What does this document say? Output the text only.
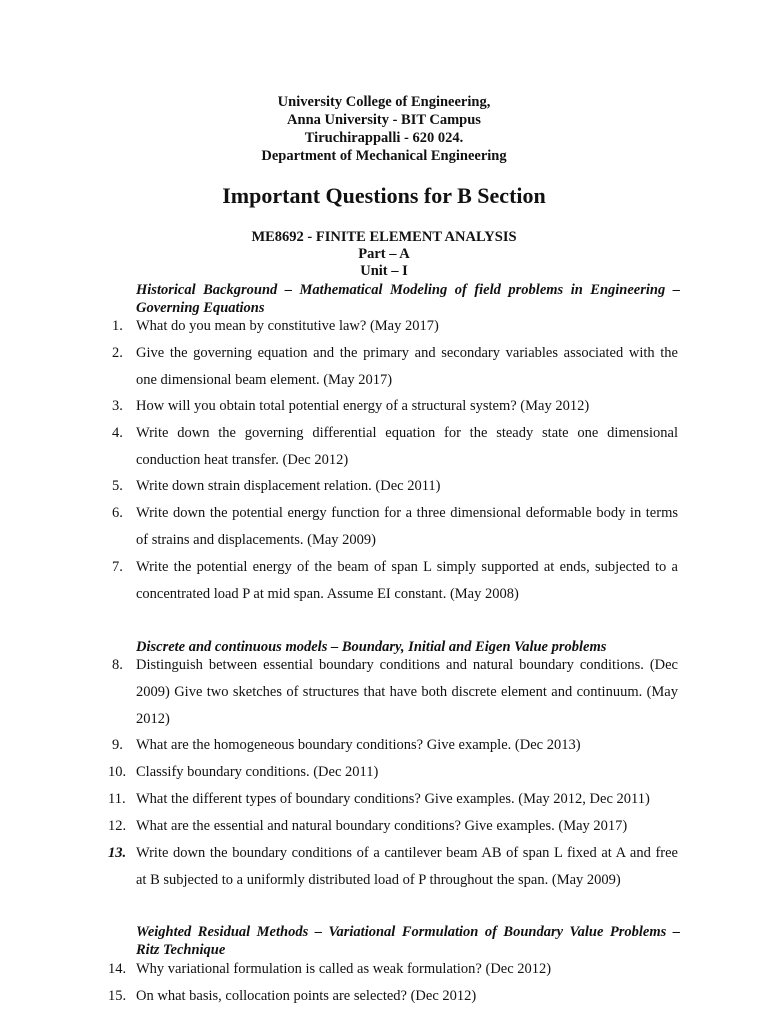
University College of Engineering,
Anna University - BIT Campus
Tiruchirappalli - 620 024.
Department of Mechanical Engineering
Important Questions for B Section
ME8692 - FINITE ELEMENT ANALYSIS
Part – A
Unit – I
Historical Background – Mathematical Modeling of field problems in Engineering –
Governing Equations
1. What do you mean by constitutive law? (May 2017)
2. Give the governing equation and the primary and secondary variables associated with the
one dimensional beam element. (May 2017)
3. How will you obtain total potential energy of a structural system? (May 2012)
4. Write down the governing differential equation for the steady state one dimensional
conduction heat transfer. (Dec 2012)
5. Write down strain displacement relation. (Dec 2011)
6. Write down the potential energy function for a three dimensional deformable body in terms
of strains and displacements. (May 2009)
7. Write the potential energy of the beam of span L simply supported at ends, subjected to a
concentrated load P at mid span. Assume EI constant. (May 2008)
Discrete and continuous models – Boundary, Initial and Eigen Value problems
8. Distinguish between essential boundary conditions and natural boundary conditions. (Dec
2009) Give two sketches of structures that have both discrete element and continuum. (May
2012)
9. What are the homogeneous boundary conditions? Give example. (Dec 2013)
10. Classify boundary conditions. (Dec 2011)
11. What the different types of boundary conditions? Give examples. (May 2012, Dec 2011)
12. What are the essential and natural boundary conditions? Give examples. (May 2017)
13. Write down the boundary conditions of a cantilever beam AB of span L fixed at A and free
at B subjected to a uniformly distributed load of P throughout the span. (May 2009)
Weighted Residual Methods – Variational Formulation of Boundary Value Problems –
Ritz Technique
14. Why variational formulation is called as weak formulation? (Dec 2012)
15. On what basis, collocation points are selected? (Dec 2012)
